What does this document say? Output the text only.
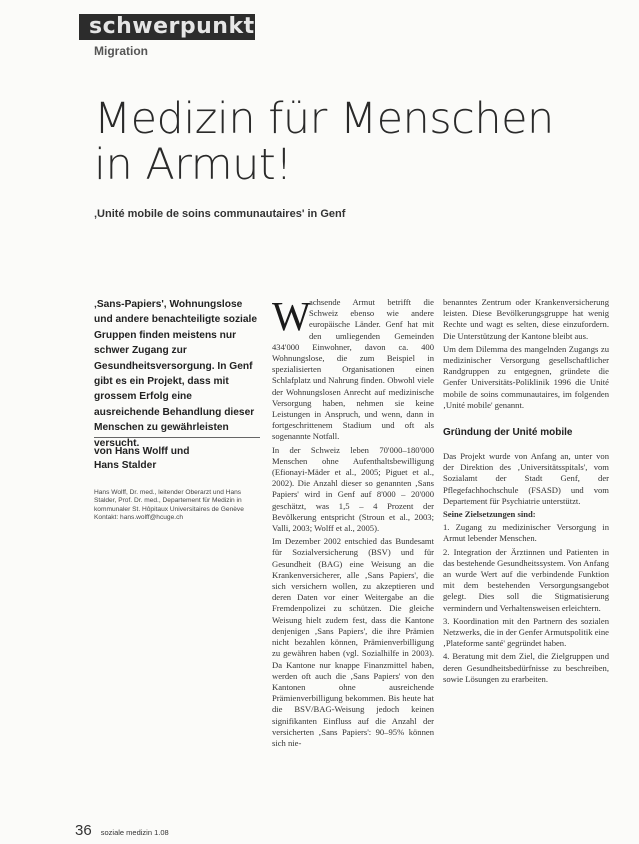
schwerpunkt
Migration
Medizin für Menschen
in Armut!
‚Unité mobile de soins communautaires' in Genf
‚Sans-Papiers', Wohnungslose und andere benachteiligte soziale Gruppen finden meistens nur schwer Zugang zur Gesundheitsversorgung. In Genf gibt es ein Projekt, dass mit grossem Erfolg eine ausreichende Behandlung dieser Menschen zu gewährleisten versucht.
von Hans Wolff und
Hans Stalder
Hans Wolff, Dr. med., leitender Oberarzt und Hans Stalder, Prof. Dr. med., Departement für Medizin in kommunaler St. Hôpitaux Universitaires de Genève
Kontakt: hans.wolff@hcuge.ch
W

achsende Armut betrifft die Schweiz ebenso wie andere europäische Länder. Genf hat mit den umliegenden Gemeinden 434'000 Einwohner, davon ca. 400 Wohnungslose, die zum Beispiel in spezialisierten Organisationen einen Schlafplatz und Nahrung finden. Obwohl viele der Wohnungslosen Anrecht auf medizinische Versorgung haben, nehmen sie keine Leistungen in Anspruch, und wenn, dann in fortgeschrittenem Stadium und oft als sogenannte Notfall.

In der Schweiz leben 70'000–180'000 Menschen ohne Aufenthaltsbewilligung (Efionayi-Mäder et al., 2005; Piguet et al., 2002). Die Anzahl dieser so genannten ‚Sans Papiers' wird in Genf auf 8'000 – 20'000 geschätzt, was 1,5 – 4 Prozent der Bevölkerung entspricht (Stroun et al., 2003; Valli, 2003; Wolff et al., 2005).

Im Dezember 2002 entschied das Bundesamt für Sozialversicherung (BSV) und für Gesundheit (BAG) eine Weisung an die Krankenversicherer, alle ‚Sans Papiers', die sich versichern wollen, zu akzeptieren und deren Daten vor einer Weitergabe an die Fremdenpolizei zu schützen. Die gleiche Weisung hielt zudem fest, dass die Kantone denjenigen ‚Sans Papiers', die ihre Prämien nicht bezahlen können, Prämienverbilligung zu gewähren haben (vgl. Sozialhilfe in 2003). Da Kantone nur knappe Finanzmittel haben, werden oft auch die ‚Sans Papiers' von den Kantonen ohne ausreichende Prämienverbilligung bekommen. Bis heute hat die BSV/BAG-Weisung jedoch keinen signifikanten Einfluss auf die Anzahl der versicherten ‚Sans Papiers': 90–95% können sich nie-

benanntes Zentrum oder Krankenversicherung leisten. Diese Bevölkerungsgruppe hat wenig Rechte und wagt es selten, diese einzufordern. Die Unterstützung der Kantone bleibt aus.

Um dem Dilemma des mangelnden Zugangs zu medizinischer Versorgung gesellschaftlicher Randgruppen zu entgegnen, gründete die Genfer Universitäts-Poliklinik 1996 die Unité mobile de soins communautaires, im folgenden ‚Unité mobile' genannt.

Gründung der Unité mobile

Das Projekt wurde von Anfang an, unter von der Direktion des ‚Universitätsspitals', vom Sozialamt der Stadt Genf, der Pflegefachhochschule (FSASD) und vom Departement für Psychiatrie unterstützt.

Seine Zielsetzungen sind:

1. Zugang zu medizinischer Versorgung in Armut lebender Menschen.

2. Integration der Ärztinnen und Patienten in das bestehende Gesundheitssystem. Von Anfang an wurde Wert auf die verbindende Funktion mit dem bestehenden Versorgungsangebot gelegt. Dies soll die Stigmatisierung vermindern und Verhaltensweisen erleichtern.

3. Koordination mit den Partnern des sozialen Netzwerks, die in der Genfer Armutspolitik eine ‚Plateforme santé' gegründet haben.

4. Beratung mit dem Ziel, die Zielgruppen und deren Gesundheitsbedürfnisse zu beschreiben, sowie Lösungen zu erarbeiten.

36 soziale medizin 1.08
